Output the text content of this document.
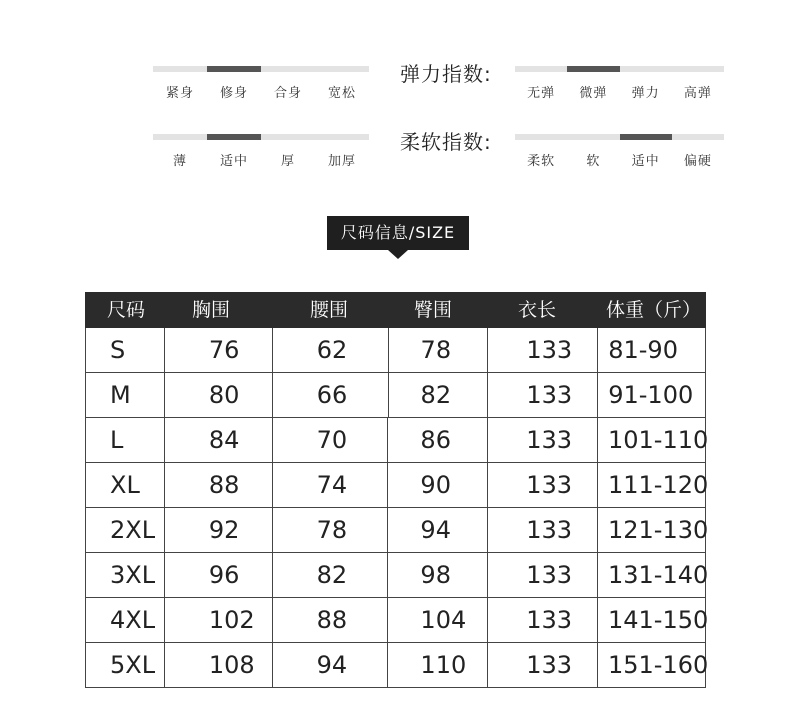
紧身	修身	合身	宽松
薄	适中	厚	加厚
弹力指数:
无弹	微弹	弹力	高弹
柔软指数:
柔软	软	适中	偏硬
尺码信息/SIZE
尺码	胸围	腰围	臀围	衣长	体重（斤）
S	76	62	78	133	81-90
M	80	66	82	133	91-100
L	84	70	86	133	101-110
XL	88	74	90	133	111-120
2XL	92	78	94	133	121-130
3XL	96	82	98	133	131-140
4XL	102	88	104	133	141-150
5XL	108	94	110	133	151-160
